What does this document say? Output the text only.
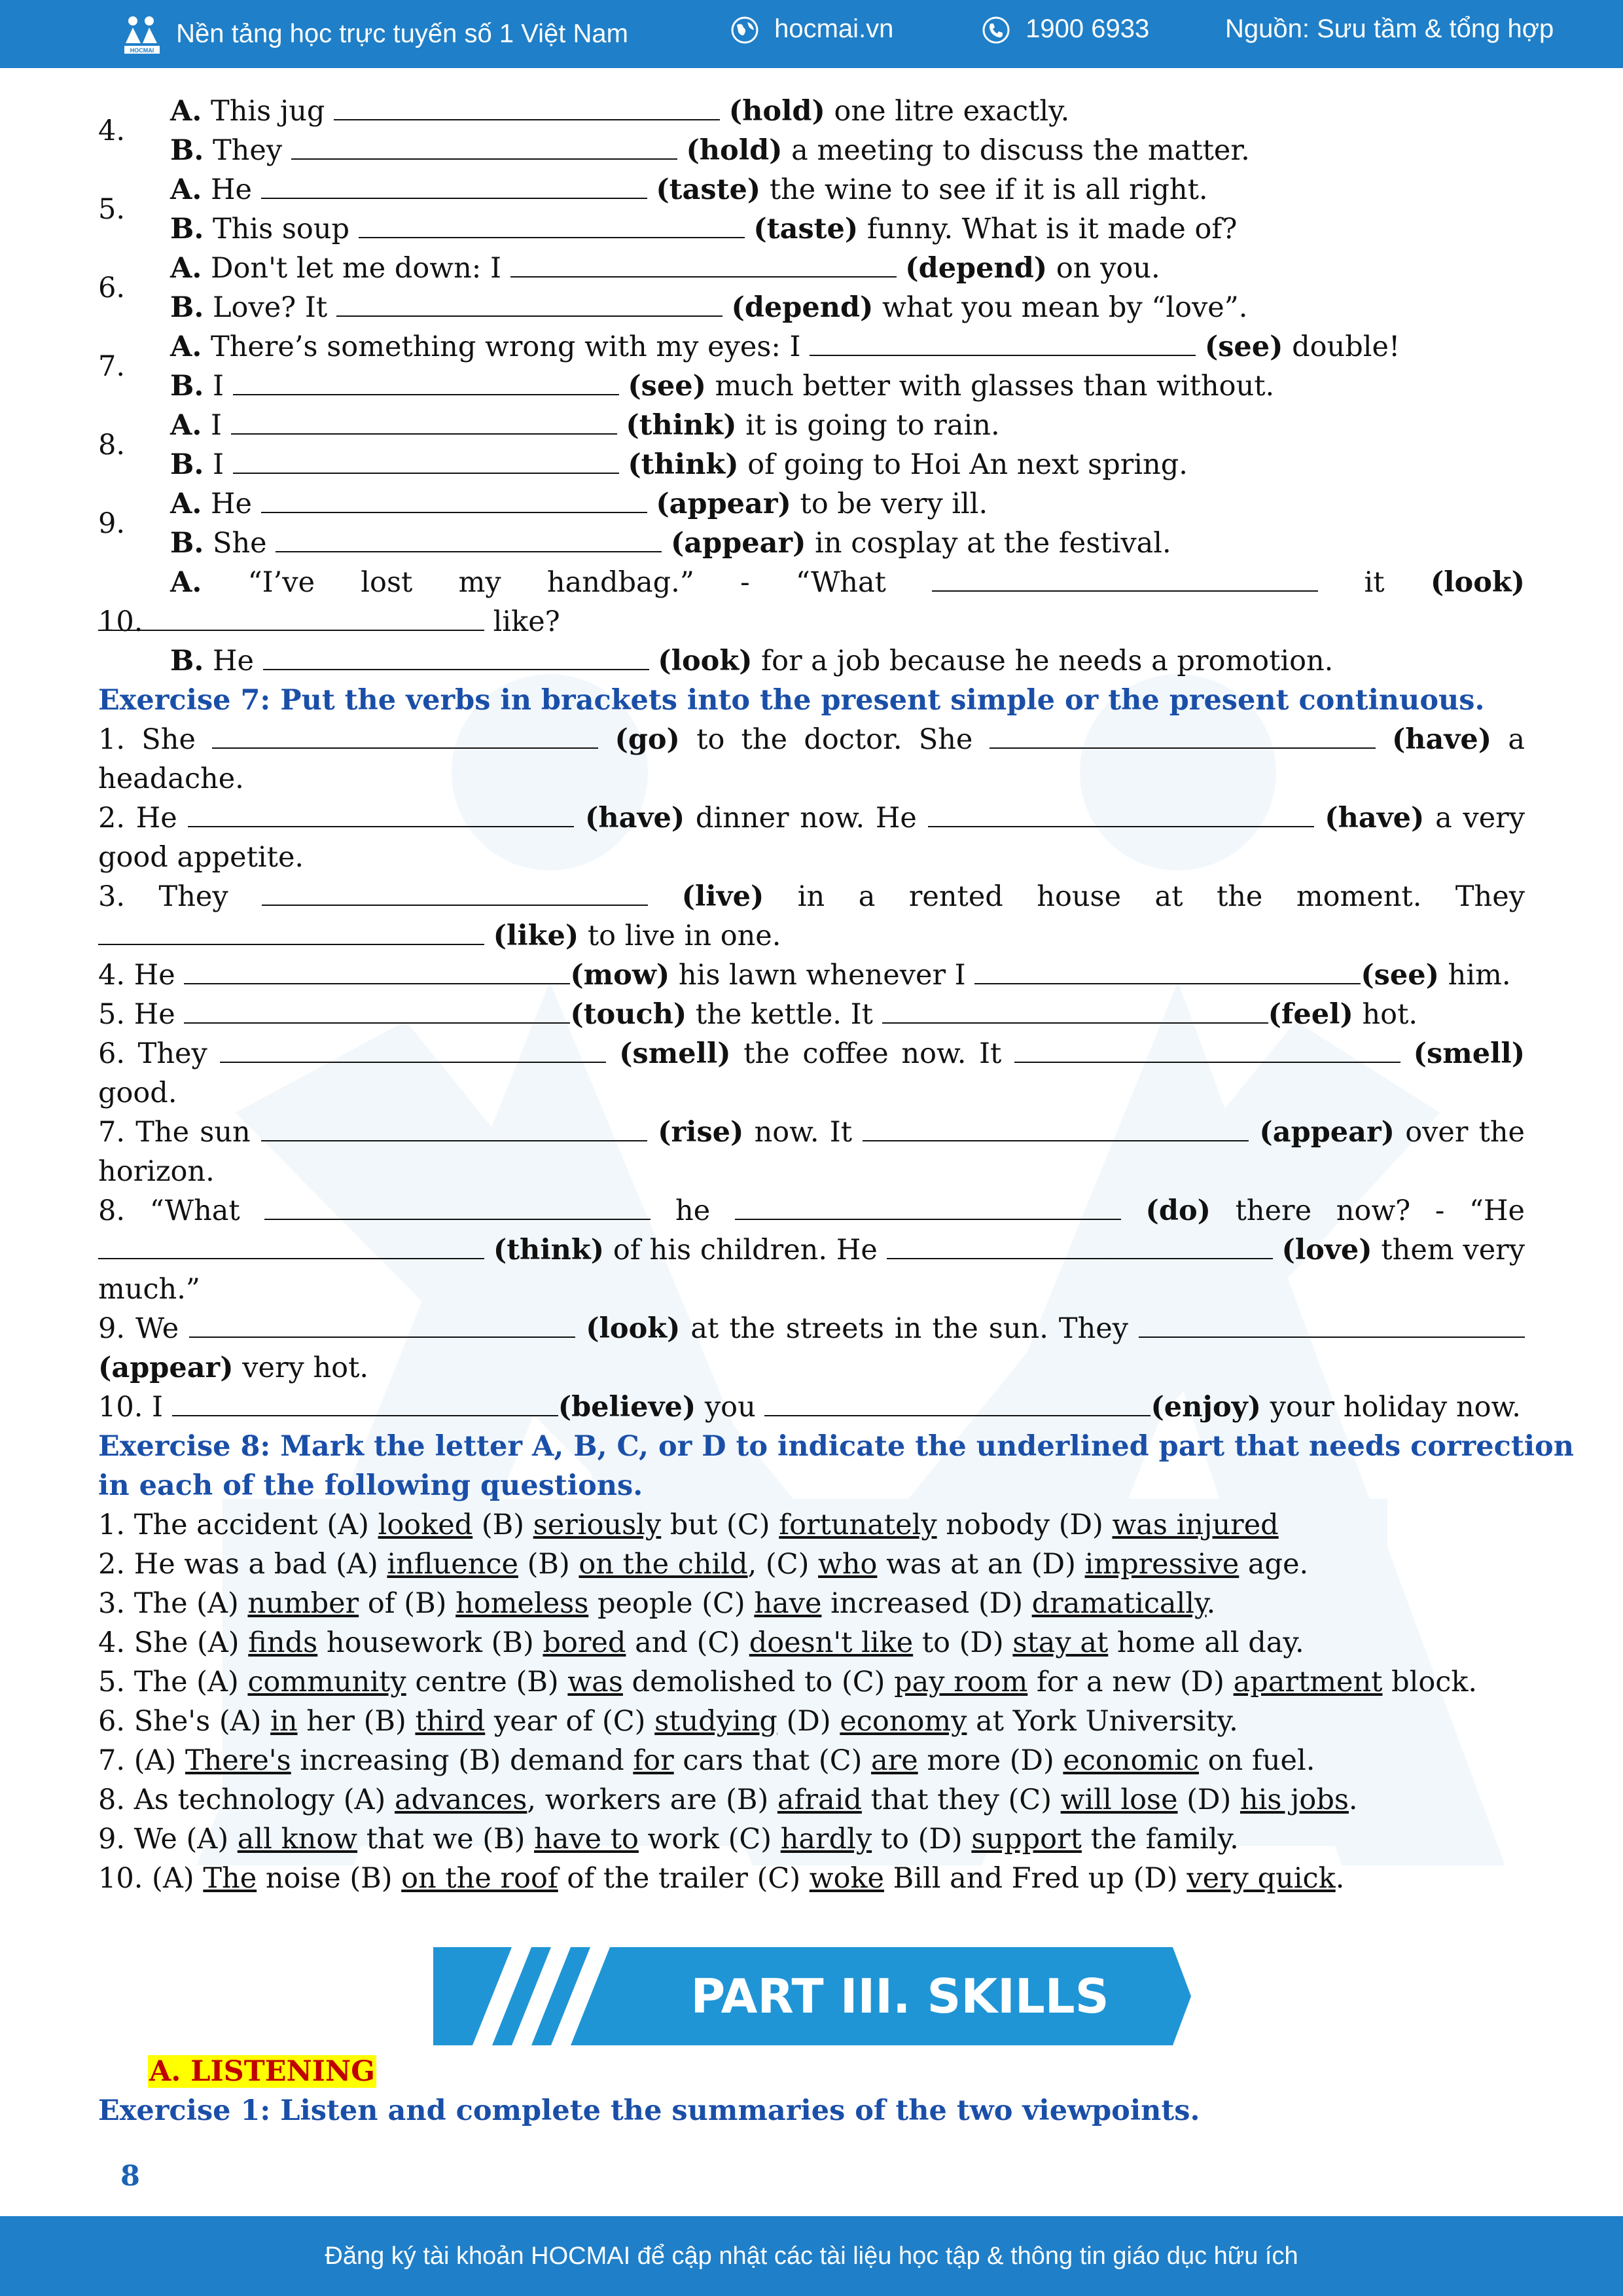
HOCMAI
Nền tảng học trực tuyến số 1 Việt Nam	hocmai.vn	1900 6933	Nguồn: Sưu tầm & tổng hợp
4.
A. This jug	(hold) one litre exactly.
B. They	(hold) a meeting to discuss the matter.
5.
A. He	(taste) the wine to see if it is all right.
B. This soup	(taste) funny. What is it made of?
6.
A. Don't let me down: I	(depend) on you.
B. Love? It	(depend) what you mean by “love”.
7.
A. There’s something wrong with my eyes: I	(see) double!
B. I	(see) much better with glasses than without.
8.
A. I	(think) it is going to rain.
B. I	(think) of going to Hoi An next spring.
9.
A. He	(appear) to be very ill.
B. She	(appear) in cosplay at the festival.
10.
A. “I’ve lost my handbag.” - “What	it (look)
like?
B. He	(look) for a job because he needs a promotion.
Exercise 7: Put the verbs in brackets into the present simple or the present continuous.
1. She	(go) to the doctor. She	(have) a
headache.
2. He	(have) dinner now. He	(have) a very
good appetite.
3. They	(live) in a rented house at the moment. They
(like) to live in one.
4. He	(mow) his lawn whenever I	(see) him.
5. He	(touch) the kettle. It	(feel) hot.
6. They	(smell) the coffee now. It	(smell)
good.
7. The sun	(rise) now. It	(appear) over the
horizon.
8. “What	he	(do) there now? - “He
(think) of his children. He	(love) them very
much.”
9. We	(look) at the streets in the sun. They
(appear) very hot.
10. I	(believe) you	(enjoy) your holiday now.
Exercise 8: Mark the letter A, B, C, or D to indicate the underlined part that needs correction
in each of the following questions.
1. The accident (A) looked (B) seriously but (C) fortunately nobody (D) was injured
2. He was a bad (A) influence (B) on the child, (C) who was at an (D) impressive age.
3. The (A) number of (B) homeless people (C) have increased (D) dramatically.
4. She (A) finds housework (B) bored and (C) doesn't like to (D) stay at home all day.
5. The (A) community centre (B) was demolished to (C) pay room for a new (D) apartment block.
6. She's (A) in her (B) third year of (C) studying (D) economy at York University.
7. (A) There's increasing (B) demand for cars that (C) are more (D) economic on fuel.
8. As technology (A) advances, workers are (B) afraid that they (C) will lose (D) his jobs.
9. We (A) all know that we (B) have to work (C) hardly to (D) support the family.
10. (A) The noise (B) on the roof of the trailer (C) woke Bill and Fred up (D) very quick.
PART III. SKILLS
A. LISTENING
Exercise 1: Listen and complete the summaries of the two viewpoints.
8
Đăng ký tài khoản HOCMAI để cập nhật các tài liệu học tập & thông tin giáo dục hữu ích
